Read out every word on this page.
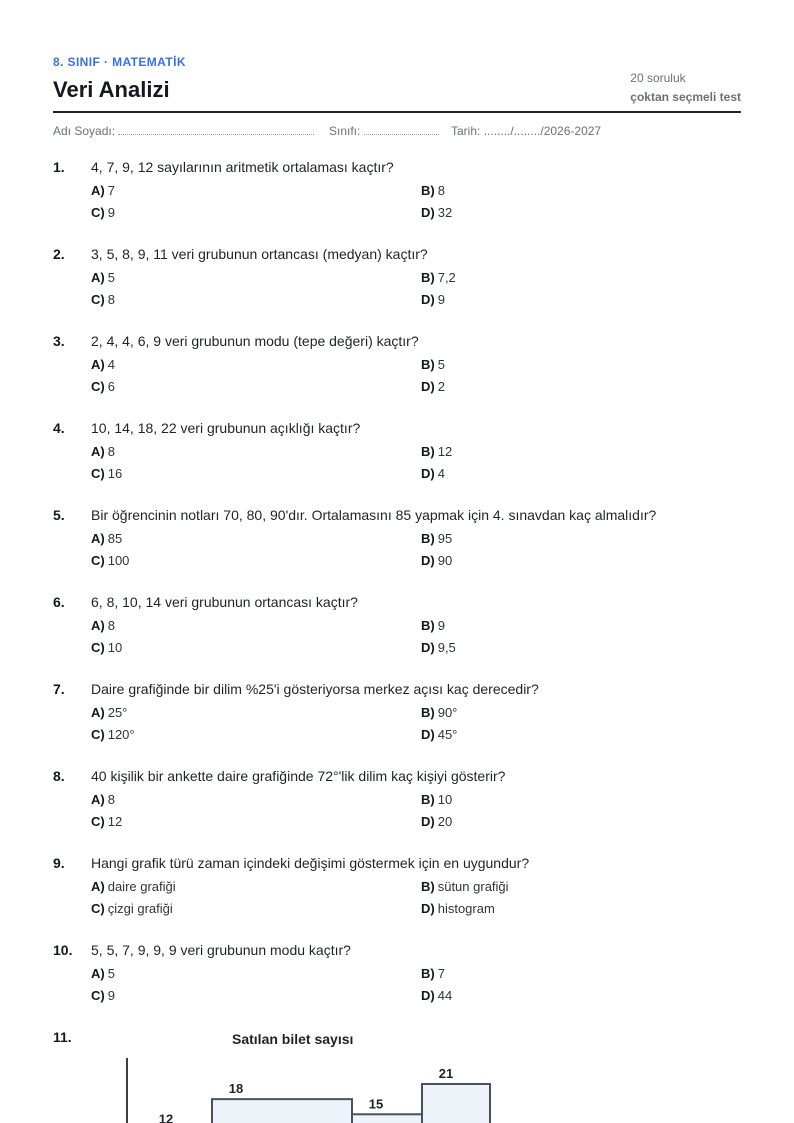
8. SINIF · MATEMATİK
Veri Analizi	20 soruluk
çoktan seçmeli test
Adı Soyadı:	Sınıfı:	Tarih: ......../......../2026-2027
1. 4, 7, 9, 12 sayılarının aritmetik ortalaması kaçtır?
A) 7	B) 8
C) 9	D) 32
2. 3, 5, 8, 9, 11 veri grubunun ortancası (medyan) kaçtır?
A) 5	B) 7,2
C) 8	D) 9
3. 2, 4, 4, 6, 9 veri grubunun modu (tepe değeri) kaçtır?
A) 4	B) 5
C) 6	D) 2
4. 10, 14, 18, 22 veri grubunun açıklığı kaçtır?
A) 8	B) 12
C) 16	D) 4
5. Bir öğrencinin notları 70, 80, 90'dır. Ortalamasını 85 yapmak için 4. sınavdan kaç almalıdır?
A) 85	B) 95
C) 100	D) 90
6. 6, 8, 10, 14 veri grubunun ortancası kaçtır?
A) 8	B) 9
C) 10	D) 9,5
7. Daire grafiğinde bir dilim %25'i gösteriyorsa merkez açısı kaç derecedir?
A) 25°	B) 90°
C) 120°	D) 45°
8. 40 kişilik bir ankette daire grafiğinde 72°'lik dilim kaç kişiyi gösterir?
A) 8	B) 10
C) 12	D) 20
9. Hangi grafik türü zaman içindeki değişimi göstermek için en uygundur?
A) daire grafiği	B) sütun grafiği
C) çizgi grafiği	D) histogram
10. 5, 5, 7, 9, 9, 9 veri grubunun modu kaçtır?
A) 5	B) 7
C) 9	D) 44
11.	Satılan bilet sayısı
12
18
15
21
